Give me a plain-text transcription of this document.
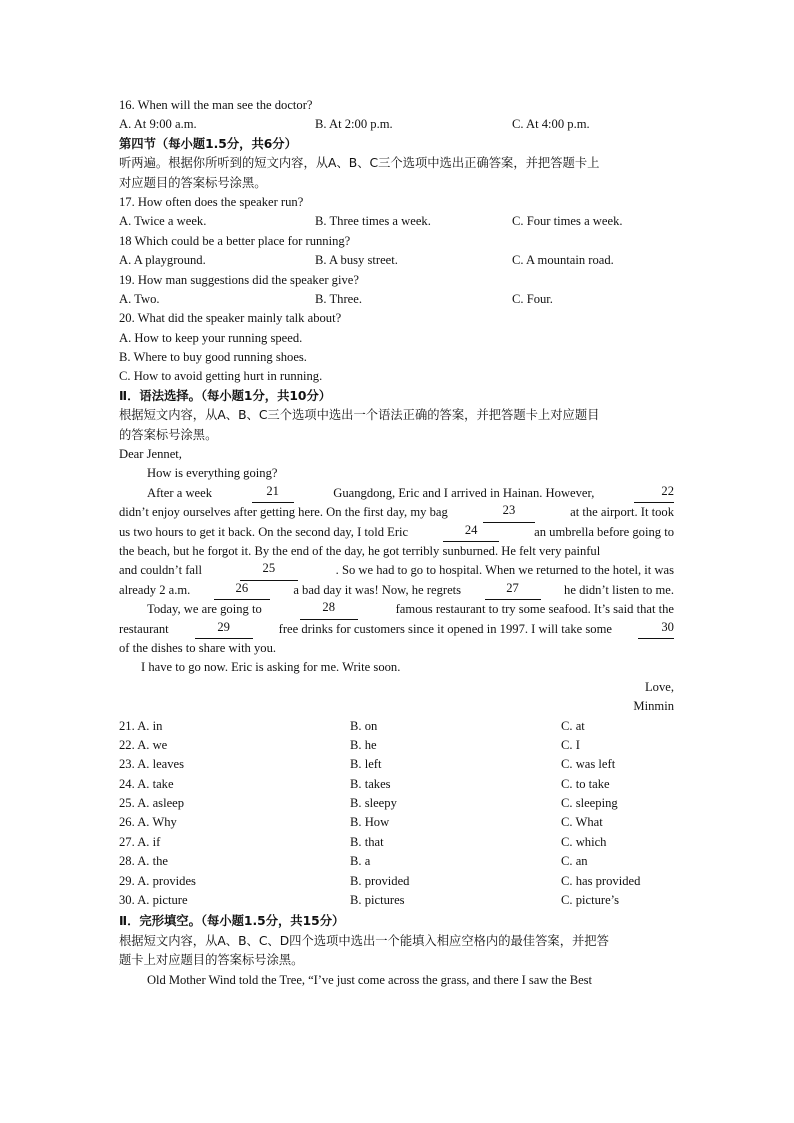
16. When will the man see the doctor?
A. At 9:00 a.m.	B. At 2:00 p.m.	C. At 4:00 p.m.
第四节（每小题1.5分，共6分）
听两遍。根据你所听到的短文内容，从A、B、C三个选项中选出正确答案，并把答题卡上
对应题目的答案标号涂黑。
17. How often does the speaker run?
A. Twice a week.	B. Three times a week.	C. Four times a week.
18 Which could be a better place for running?
A. A playground.	B. A busy street.	C. A mountain road.
19. How man suggestions did the speaker give?
A. Two.	B. Three.	C. Four.
20. What did the speaker mainly talk about?
A. How to keep your running speed.
B. Where to buy good running shoes.
C. How to avoid getting hurt in running.
Ⅱ．语法选择。（每小题1分，共10分）
根据短文内容，从A、B、C三个选项中选出一个语法正确的答案，并把答题卡上对应题目
的答案标号涂黑。
Dear Jennet,
How is everything going?
After a week	21	Guangdong, Eric and I arrived in Hainan. However,	22
didn’t enjoy ourselves after getting here. On the first day, my bag	23	at the airport. It took
us two hours to get it back. On the second day, I told Eric	24	an umbrella before going to
the beach, but he forgot it. By the end of the day, he got terribly sunburned. He felt very painful
and couldn’t fall	25	. So we had to go to hospital. When we returned to the hotel, it was
already 2 a.m.	26	a bad day it was! Now, he regrets	27	he didn’t listen to me.
Today, we are going to	28	famous restaurant to try some seafood. It’s said that the
restaurant	29	free drinks for customers since it opened in 1997. I will take some	30
of the dishes to share with you.
I have to go now. Eric is asking for me. Write soon.
Love,
Minmin
21. A. in	B. on	C. at
22. A. we	B. he	C. I
23. A. leaves	B. left	C. was left
24. A. take	B. takes	C. to take
25. A. asleep	B. sleepy	C. sleeping
26. A. Why	B. How	C. What
27. A. if	B. that	C. which
28. A. the	B. a	C. an
29. A. provides	B. provided	C. has provided
30. A. picture	B. pictures	C. picture’s
Ⅱ．完形填空。（每小题1.5分，共15分）
根据短文内容，从A、B、C、D四个选项中选出一个能填入相应空格内的最佳答案，并把答
题卡上对应题目的答案标号涂黑。
Old Mother Wind told the Tree, “I’ve just come across the grass, and there I saw the Best
